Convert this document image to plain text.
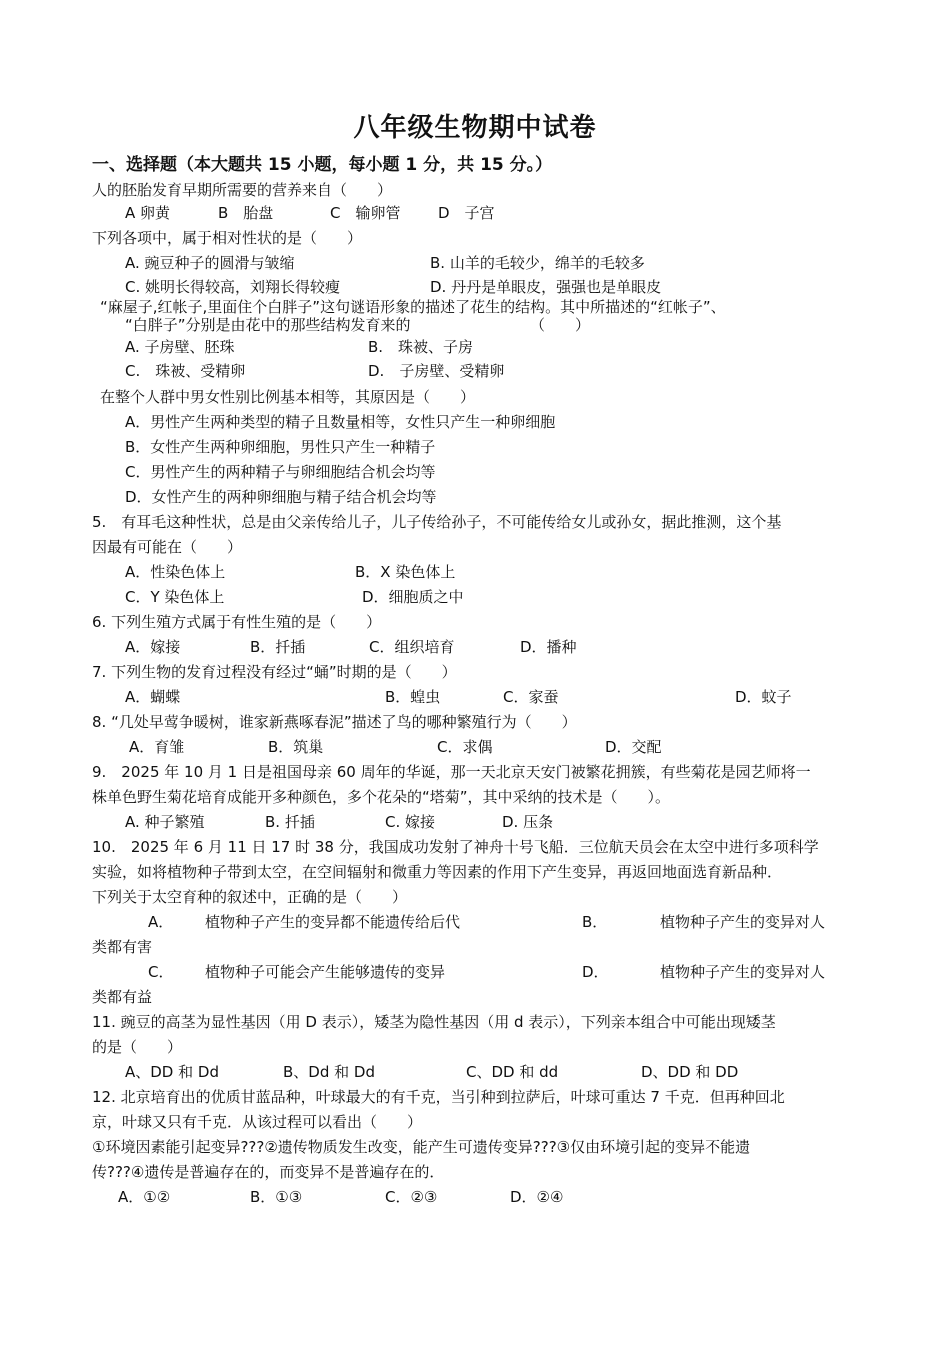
八年级生物期中试卷
一、选择题（本大题共 15 小题，每小题 1 分，共 15 分。）
人的胚胎发育早期所需要的营养来自（　　）
A 卵黄	B　胎盘	C　输卵管	D　子宫
下列各项中，属于相对性状的是（　　）
A. 豌豆种子的圆滑与皱缩	B. 山羊的毛较少，绵羊的毛较多
C. 姚明长得较高，刘翔长得较瘦	D. 丹丹是单眼皮，强强也是单眼皮
“麻屋子,红帐子,里面住个白胖子”这句谜语形象的描述了花生的结构。其中所描述的“红帐子”、
“白胖子”分别是由花中的那些结构发育来的	（　　）
A. 子房壁、胚珠	B.　珠被、子房
C.　珠被、受精卵	D.　子房壁、受精卵
在整个人群中男女性别比例基本相等，其原因是（　　）
A．男性产生两种类型的精子且数量相等，女性只产生一种卵细胞
B．女性产生两种卵细胞，男性只产生一种精子
C．男性产生的两种精子与卵细胞结合机会均等
D．女性产生的两种卵细胞与精子结合机会均等
5.　有耳毛这种性状，总是由父亲传给儿子，儿子传给孙子，不可能传给女儿或孙女，据此推测，这个基
因最有可能在（　　）
A．性染色体上	B．X 染色体上
C．Y 染色体上	D．细胞质之中
6. 下列生殖方式属于有性生殖的是（　　）
A．嫁接	B．扦插	C．组织培育	D．播种
7. 下列生物的发育过程没有经过“蛹”时期的是（　　）
A．蝴蝶	B．蝗虫	C．家蚕	D．蚊子
8. “几处早莺争暖树，谁家新燕啄春泥”描述了鸟的哪种繁殖行为（　　）
A．育雏	B．筑巢	C．求偶	D．交配
9.　2025 年 10 月 1 日是祖国母亲 60 周年的华诞，那一天北京天安门被繁花拥簇，有些菊花是园艺师将一
株单色野生菊花培育成能开多种颜色，多个花朵的“塔菊”，其中采纳的技术是（　　）。
A. 种子繁殖	B. 扦插	C. 嫁接	D. 压条
10.　2025 年 6 月 11 日 17 时 38 分，我国成功发射了神舟十号飞船．三位航天员会在太空中进行多项科学
实验，如将植物种子带到太空，在空间辐射和微重力等因素的作用下产生变异，再返回地面选育新品种．
下列关于太空育种的叙述中，正确的是（　　）
A． 植物种子产生的变异都不能遗传给后代	B．	植物种子产生的变异对人
类都有害
C． 植物种子可能会产生能够遗传的变异	D．	植物种子产生的变异对人
类都有益
11. 豌豆的高茎为显性基因（用 D 表示），矮茎为隐性基因（用 d 表示），下列亲本组合中可能出现矮茎
的是（　　）
A、DD 和 Dd	B、Dd 和 Dd	C、DD 和 dd	D、DD 和 DD
12. 北京培育出的优质甘蓝品种，叶球最大的有千克，当引种到拉萨后，叶球可重达 7 千克．但再种回北
京，叶球又只有千克．从该过程可以看出（　　）
①环境因素能引起变异???②遗传物质发生改变，能产生可遗传变异???③仅由环境引起的变异不能遗
传???④遗传是普遍存在的，而变异不是普遍存在的．
A．①②	B．①③	C．②③	D．②④
